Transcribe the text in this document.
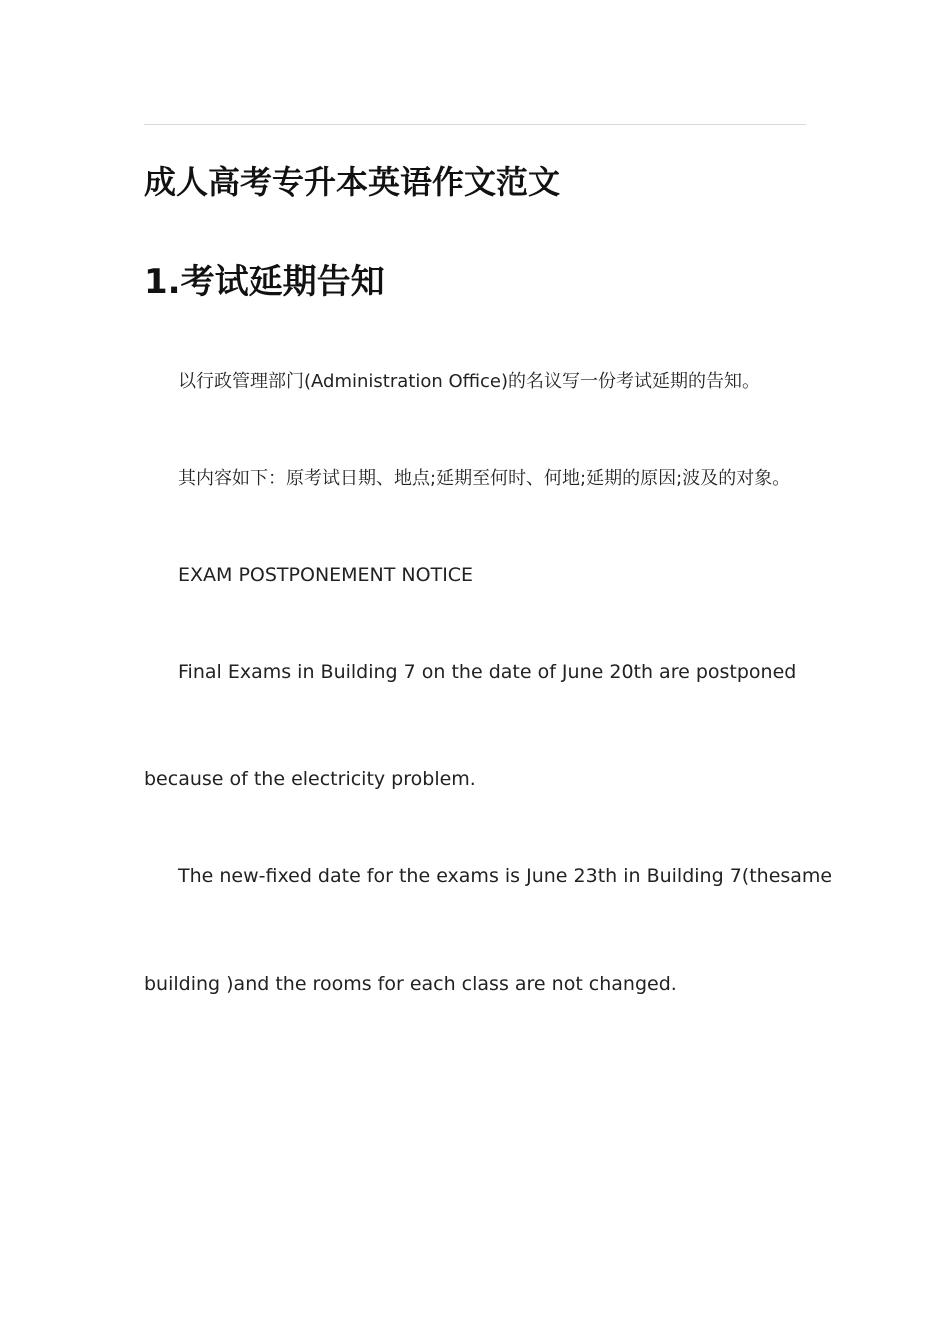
成人高考专升本英语作文范文
1.考试延期告知

以行政管理部门(Administration Office)的名议写一份考试延期的告知。

其内容如下：原考试日期、地点;延期至何时、何地;延期的原因;波及的对象。

EXAM POSTPONEMENT NOTICE

Final Exams in Building 7 on the date of June 20th are postponed

because of the electricity problem.

The new-fixed date for the exams is June 23th in Building 7(thesame

building )and the rooms for each class are not changed.
